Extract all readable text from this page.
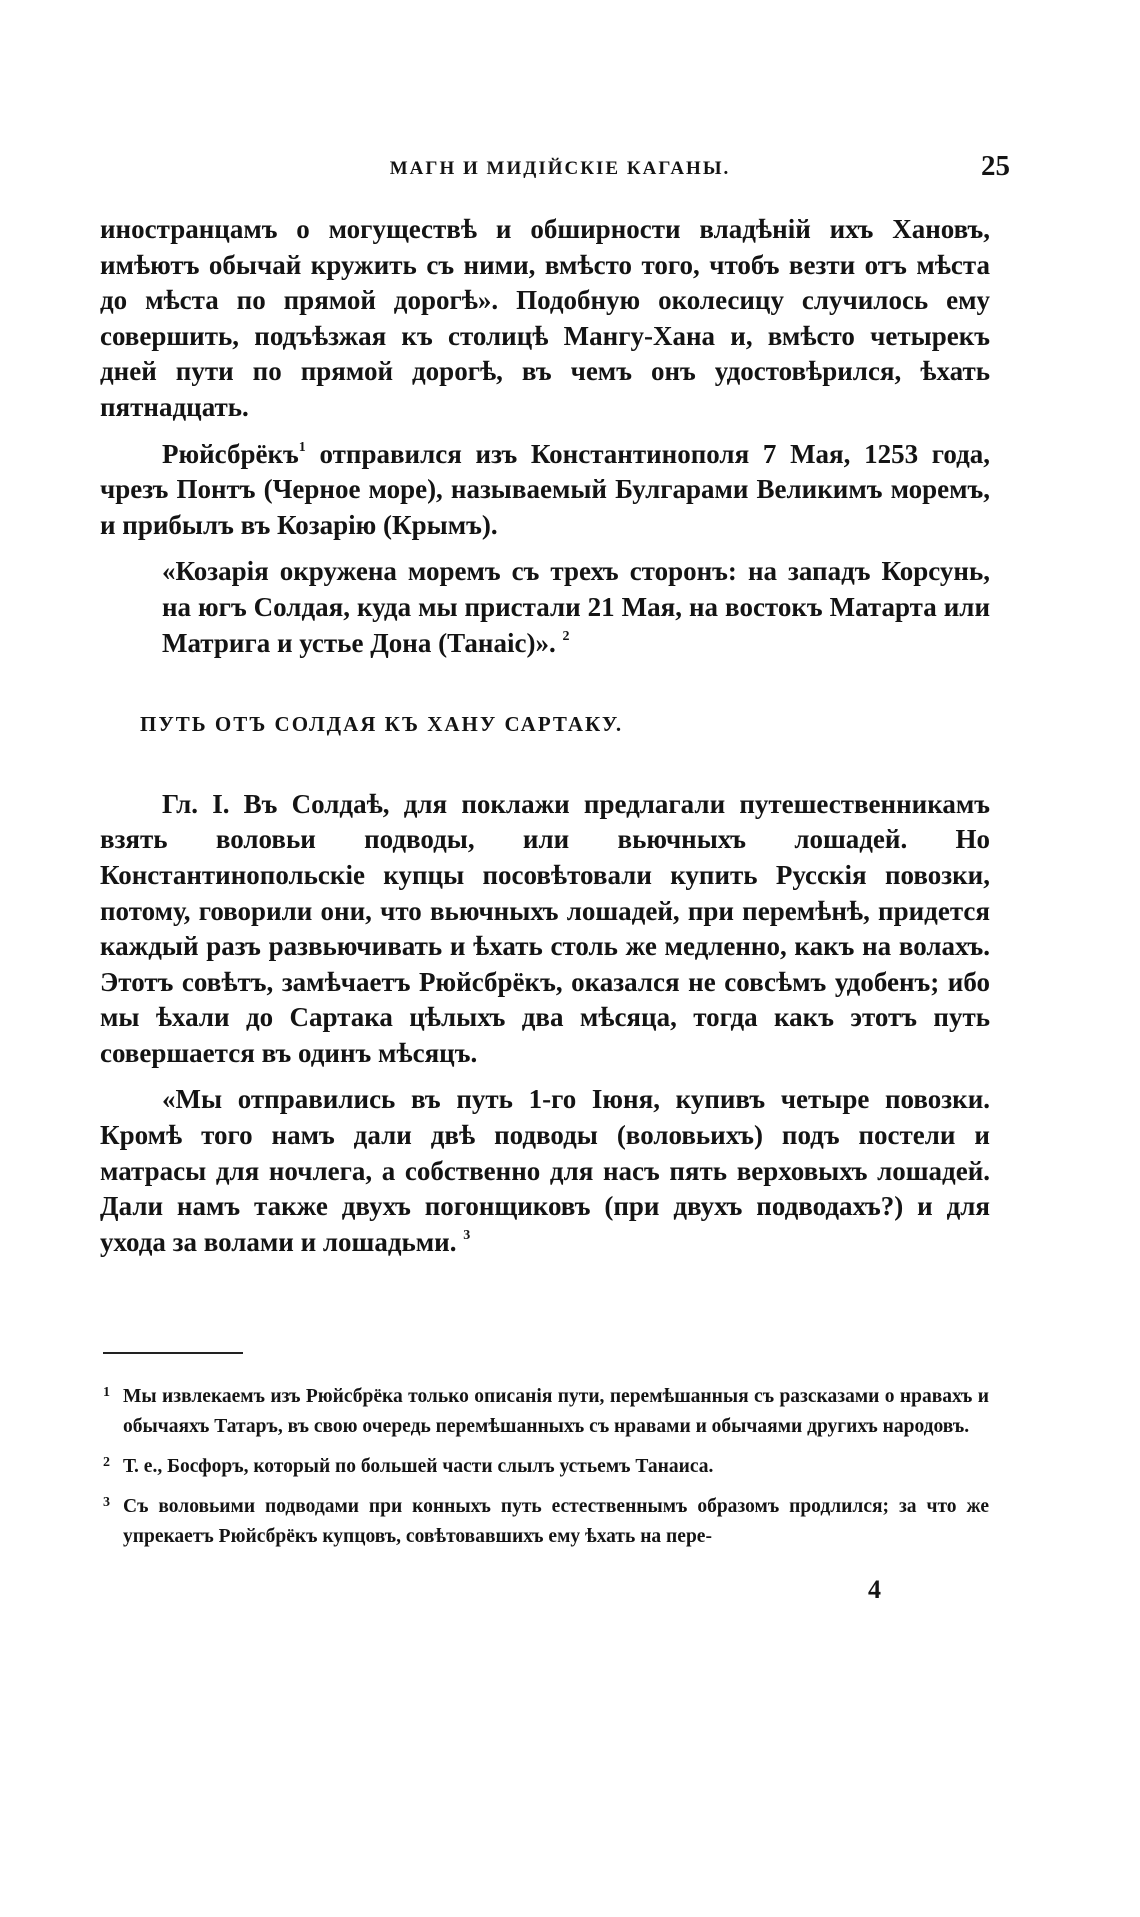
МАГН И МИДІЙСКІЕ КАГАНЫ.	25

иностранцамъ о могуществѣ и обширности владѣній ихъ Хановъ, имѣютъ обычай кружить съ ними, вмѣсто того, чтобъ везти отъ мѣста до мѣста по прямой дорогѣ». Подобную околесицу случилось ему совершить, подъѣзжая къ столицѣ Мангу-Хана и, вмѣсто четырекъ дней пути по прямой дорогѣ, въ чемъ онъ удостовѣрился, ѣхать пятнадцать.

Рюйсбрёкъ$^1$ отправился изъ Константинополя 7 Мая, 1253 года, чрезъ Понтъ (Черное море), называемый Булгарами Великимъ моремъ, и прибылъ въ Козарію (Крымъ).

«Козарія окружена моремъ съ трехъ сторонъ: на западъ Корсунь, на югъ Солдая, куда мы пристали 21 Мая, на востокъ Матарта или Матрига и устье Дона (Танаіс)». $^2$

ПУТЬ ОТЪ СОЛДАЯ КЪ ХАНУ САРТАКУ.

Гл. I. Въ Солдаѣ, для поклажи предлагали путешественникамъ взять воловьи подводы, или вьючныхъ лошадей. Но Константинопольскіе купцы посовѣтовали купить Русскія повозки, потому, говорили они, что вьючныхъ лошадей, при перемѣнѣ, придется каждый разъ развьючивать и ѣхать столь же медленно, какъ на волахъ. Этотъ совѣтъ, замѣчаетъ Рюйсбрёкъ, оказался не совсѣмъ удобенъ; ибо мы ѣхали до Сартака цѣлыхъ два мѣсяца, тогда какъ этотъ путь совершается въ одинъ мѣсяцъ.

«Мы отправились въ путь 1-го Іюня, купивъ четыре повозки. Кромѣ того намъ дали двѣ подводы (воловьихъ) подъ постели и матрасы для ночлега, а собственно для насъ пять верховыхъ лошадей. Дали намъ также двухъ погонщиковъ (при двухъ подводахъ?) и для ухода за волами и лошадьми. $^3$

1 Мы извлекаемъ изъ Рюйсбрёка только описанія пути, перемѣшанныя съ разсказами о нравахъ и обычаяхъ Татаръ, въ свою очередь перемѣшанныхъ съ нравами и обычаями другихъ народовъ.

2 Т. е., Босфоръ, который по большей части слылъ устьемъ Танаиса.

3 Съ воловьими подводами при конныхъ путь естественнымъ образомъ продлился; за что же упрекаетъ Рюйсбрёкъ купцовъ, совѣтовавшихъ ему ѣхать на пере-

4
